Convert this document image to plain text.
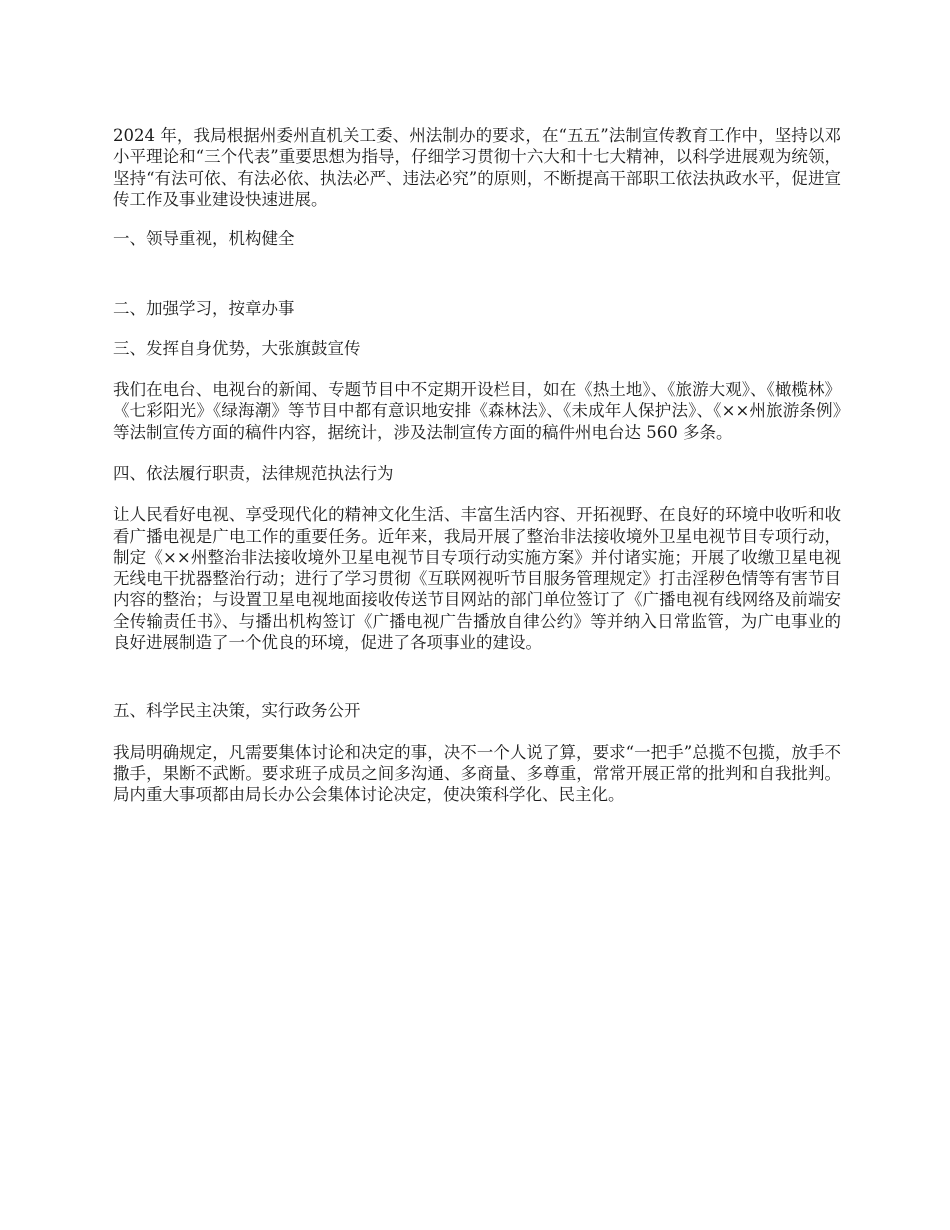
2024 年，我局根据州委州直机关工委、州法制办的要求，在“五五”法制宣传教育工作中，坚持以邓小平理论和“三个代表”重要思想为指导，仔细学习贯彻十六大和十七大精神，以科学进展观为统领，坚持“有法可依、有法必依、执法必严、违法必究”的原则，不断提高干部职工依法执政水平，促进宣传工作及事业建设快速进展。

一、领导重视，机构健全

二、加强学习，按章办事

三、发挥自身优势，大张旗鼓宣传

我们在电台、电视台的新闻、专题节目中不定期开设栏目，如在《热土地》、《旅游大观》、《橄榄林》《七彩阳光》《绿海潮》等节目中都有意识地安排《森林法》、《未成年人保护法》、《××州旅游条例》等法制宣传方面的稿件内容，据统计，涉及法制宣传方面的稿件州电台达 560 多条。

四、依法履行职责，法律规范执法行为

让人民看好电视、享受现代化的精神文化生活、丰富生活内容、开拓视野、在良好的环境中收听和收看广播电视是广电工作的重要任务。近年来，我局开展了整治非法接收境外卫星电视节目专项行动，制定《××州整治非法接收境外卫星电视节目专项行动实施方案》并付诸实施；开展了收缴卫星电视无线电干扰器整治行动；进行了学习贯彻《互联网视听节目服务管理规定》打击淫秽色情等有害节目内容的整治；与设置卫星电视地面接收传送节目网站的部门单位签订了《广播电视有线网络及前端安全传输责任书》、与播出机构签订《广播电视广告播放自律公约》等并纳入日常监管，为广电事业的良好进展制造了一个优良的环境，促进了各项事业的建设。

五、科学民主决策，实行政务公开

我局明确规定，凡需要集体讨论和决定的事，决不一个人说了算，要求“一把手”总揽不包揽，放手不撒手，果断不武断。要求班子成员之间多沟通、多商量、多尊重，常常开展正常的批判和自我批判。局内重大事项都由局长办公会集体讨论决定，使决策科学化、民主化。
